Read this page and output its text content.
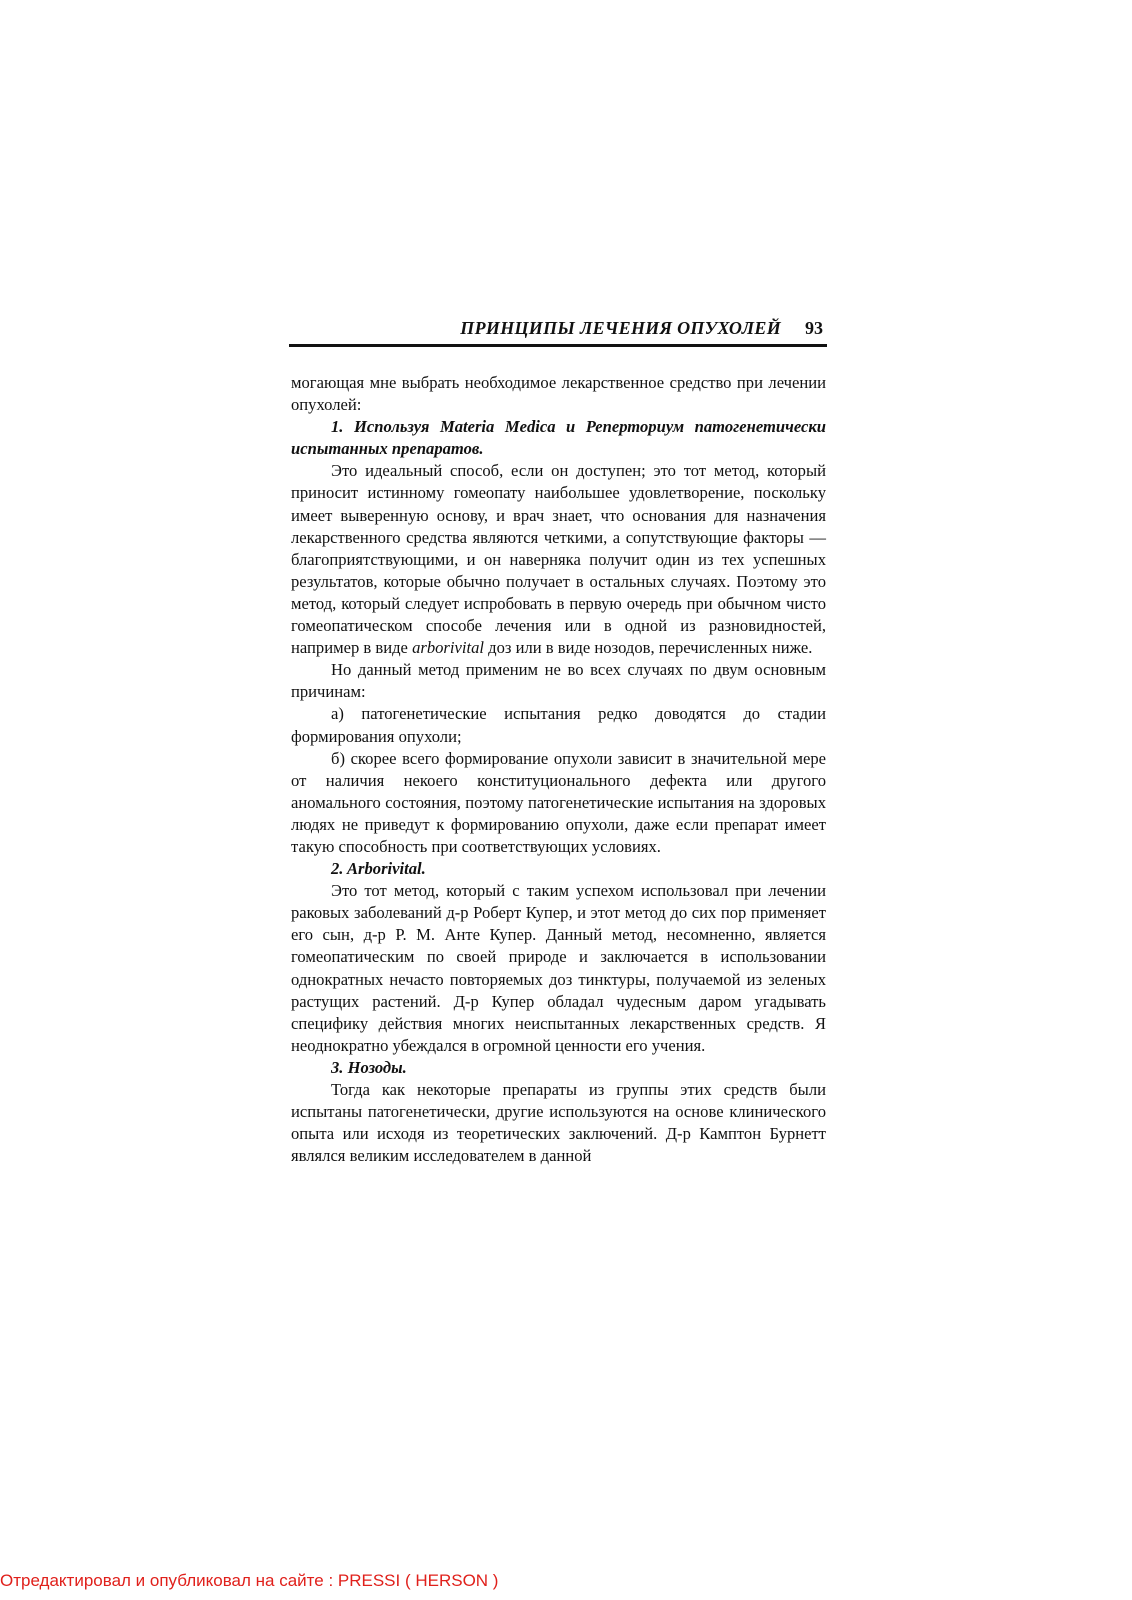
ПРИНЦИПЫ ЛЕЧЕНИЯ ОПУХОЛЕЙ 93

могающая мне выбрать необходимое лекарственное средство при лечении опухолей:

1. Используя Materia Medica и Реперториум патогенетически испытанных препаратов.

Это идеальный способ, если он доступен; это тот метод, который приносит истинному гомеопату наибольшее удовлетворение, поскольку имеет выверенную основу, и врач знает, что основания для назначения лекарственного средства являются четкими, а сопутствующие факторы — благоприятствующими, и он наверняка получит один из тех успешных результатов, которые обычно получает в остальных случаях. Поэтому это метод, который следует испробовать в первую очередь при обычном чисто гомеопатическом способе лечения или в одной из разновидностей, например в виде arborivital доз или в виде нозодов, перечисленных ниже.

Но данный метод применим не во всех случаях по двум основным причинам:

а) патогенетические испытания редко доводятся до стадии формирования опухоли;

б) скорее всего формирование опухоли зависит в значительной мере от наличия некоего конституционального дефекта или другого аномального состояния, поэтому патогенетические испытания на здоровых людях не приведут к формированию опухоли, даже если препарат имеет такую способность при соответствующих условиях.

2. Arborivital.

Это тот метод, который с таким успехом использовал при лечении раковых заболеваний д-р Роберт Купер, и этот метод до сих пор применяет его сын, д-р Р. М. Анте Купер. Данный метод, несомненно, является гомеопатическим по своей природе и заключается в использовании однократных нечасто повторяемых доз тинктуры, получаемой из зеленых растущих растений. Д-р Купер обладал чудесным даром угадывать специфику действия многих неиспытанных лекарственных средств. Я неоднократно убеждался в огромной ценности его учения.

3. Нозоды.

Тогда как некоторые препараты из группы этих средств были испытаны патогенетически, другие используются на основе клинического опыта или исходя из теоретических заключений. Д-р Камптон Бурнетт являлся великим исследователем в данной

Отредактировал и опубликовал на сайте : PRESSI ( HERSON )
